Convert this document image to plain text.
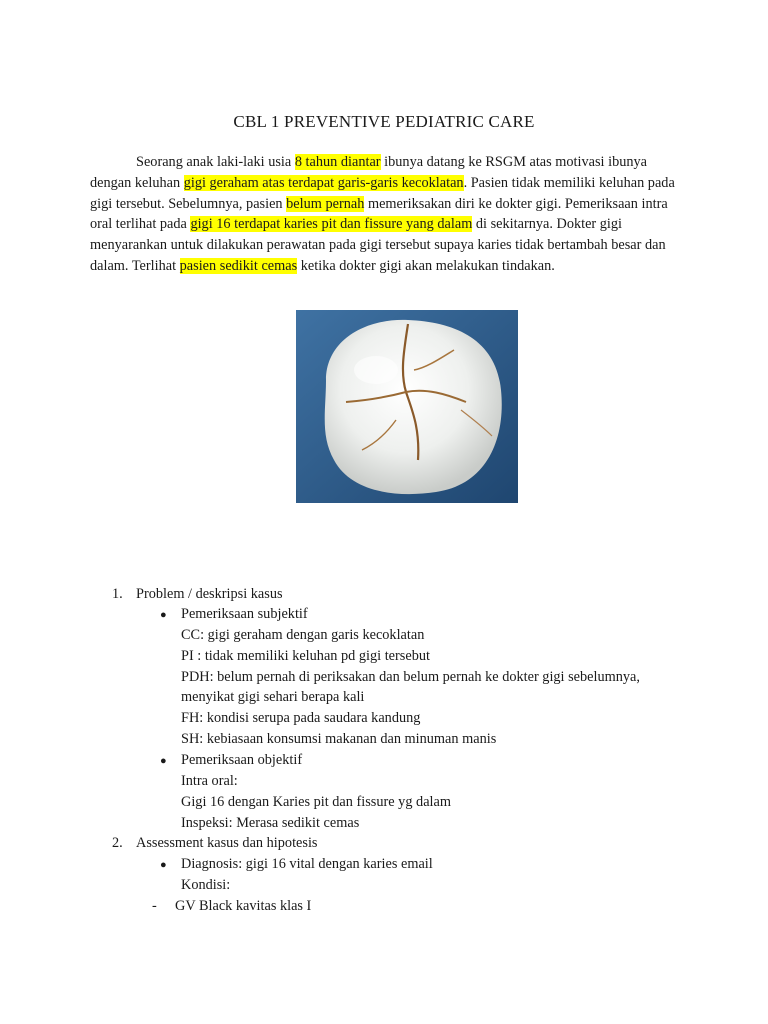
CBL 1 PREVENTIVE PEDIATRIC CARE
Seorang anak laki-laki usia 8 tahun diantar ibunya datang ke RSGM atas motivasi ibunya dengan keluhan gigi geraham atas terdapat garis-garis kecoklatan. Pasien tidak memiliki keluhan pada gigi tersebut. Sebelumnya, pasien belum pernah memeriksakan diri ke dokter gigi. Pemeriksaan intra oral terlihat pada gigi 16 terdapat karies pit dan fissure yang dalam di sekitarnya. Dokter gigi menyarankan untuk dilakukan perawatan pada gigi tersebut supaya karies tidak bertambah besar dan dalam. Terlihat pasien sedikit cemas ketika dokter gigi akan melakukan tindakan.
1. Problem / deskripsi kasus
● Pemeriksaan subjektif
CC: gigi geraham dengan garis kecoklatan
PI : tidak memiliki keluhan pd gigi tersebut
PDH: belum pernah di periksakan dan belum pernah ke dokter gigi sebelumnya,
menyikat gigi sehari berapa kali
FH: kondisi serupa pada saudara kandung
SH: kebiasaan konsumsi makanan dan minuman manis
● Pemeriksaan objektif
Intra oral:
Gigi 16 dengan Karies pit dan fissure yg dalam
Inspeksi: Merasa sedikit cemas
2. Assessment kasus dan hipotesis
● Diagnosis: gigi 16 vital dengan karies email
Kondisi:
- GV Black kavitas klas I
